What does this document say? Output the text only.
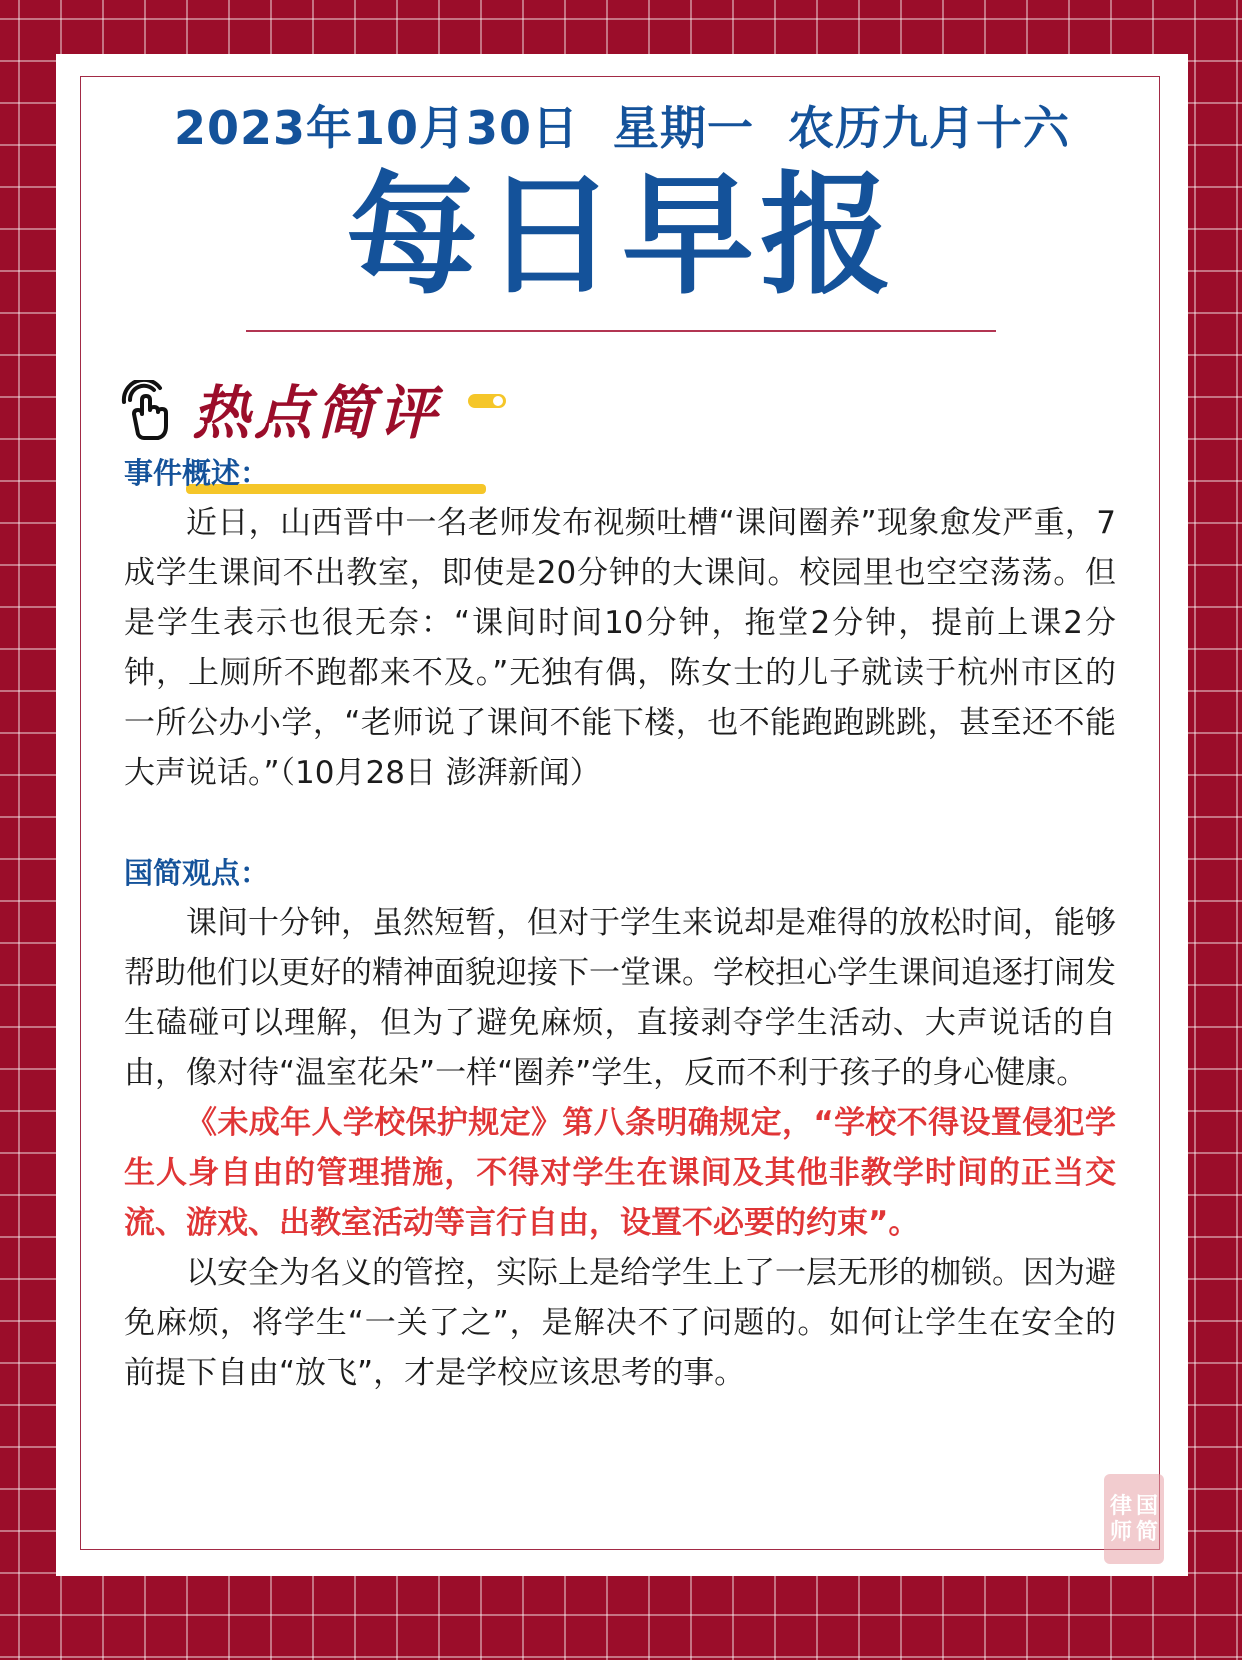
2023年10月30日  星期一  农历九月十六
每日早报
热点简评

事件概述：

近日，山西晋中一名老师发布视频吐槽“课间圈养”现象愈发严重，7成学生课间不出教室，即使是20分钟的大课间。校园里也空空荡荡。但是学生表示也很无奈：“课间时间10分钟，拖堂2分钟，提前上课2分钟，上厕所不跑都来不及。”无独有偶，陈女士的儿子就读于杭州市区的一所公办小学，“老师说了课间不能下楼，也不能跑跑跳跳，甚至还不能大声说话。”（10月28日 澎湃新闻）

国简观点：

课间十分钟，虽然短暂，但对于学生来说却是难得的放松时间，能够帮助他们以更好的精神面貌迎接下一堂课。学校担心学生课间追逐打闹发生磕碰可以理解，但为了避免麻烦，直接剥夺学生活动、大声说话的自由，像对待“温室花朵”一样“圈养”学生，反而不利于孩子的身心健康。

《未成年人学校保护规定》第八条明确规定，“学校不得设置侵犯学生人身自由的管理措施，不得对学生在课间及其他非教学时间的正当交流、游戏、出教室活动等言行自由，设置不必要的约束”。

以安全为名义的管控，实际上是给学生上了一层无形的枷锁。因为避免麻烦，将学生“一关了之”，是解决不了问题的。如何让学生在安全的前提下自由“放飞”，才是学校应该思考的事。

律 国
师 简
